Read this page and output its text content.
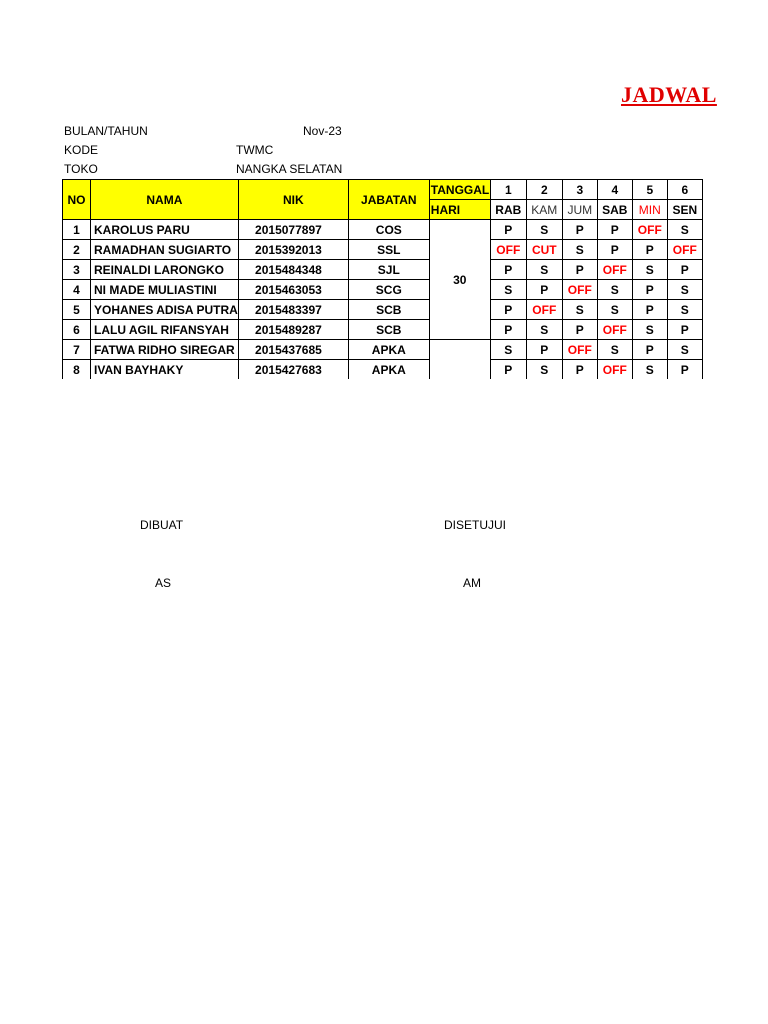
JADWAL
BULAN/TAHUN	Nov-23
KODE	TWMC
TOKO	NANGKA SELATAN
NO	NAMA	NIK	JABATAN	TANGGAL	1	2	3	4	5	6
				HARI	RAB	KAM	JUM	SAB	MIN	SEN
1	KAROLUS PARU	2015077897	COS	30	P	S	P	P	OFF	S
2	RAMADHAN SUGIARTO	2015392013	SSL		OFF	CUT	S	P	P	OFF
3	REINALDI LARONGKO	2015484348	SJL		P	S	P	OFF	S	P
4	NI MADE MULIASTINI	2015463053	SCG		S	P	OFF	S	P	S
5	YOHANES ADISA PUTRA	2015483397	SCB		P	OFF	S	S	P	S
6	LALU AGIL RIFANSYAH	2015489287	SCB		P	S	P	OFF	S	P
7	FATWA RIDHO SIREGAR	2015437685	APKA		S	P	OFF	S	P	S
8	IVAN BAYHAKY	2015427683	APKA		P	S	P	OFF	S	P
DIBUAT	DISETUJUI
AS	AM
